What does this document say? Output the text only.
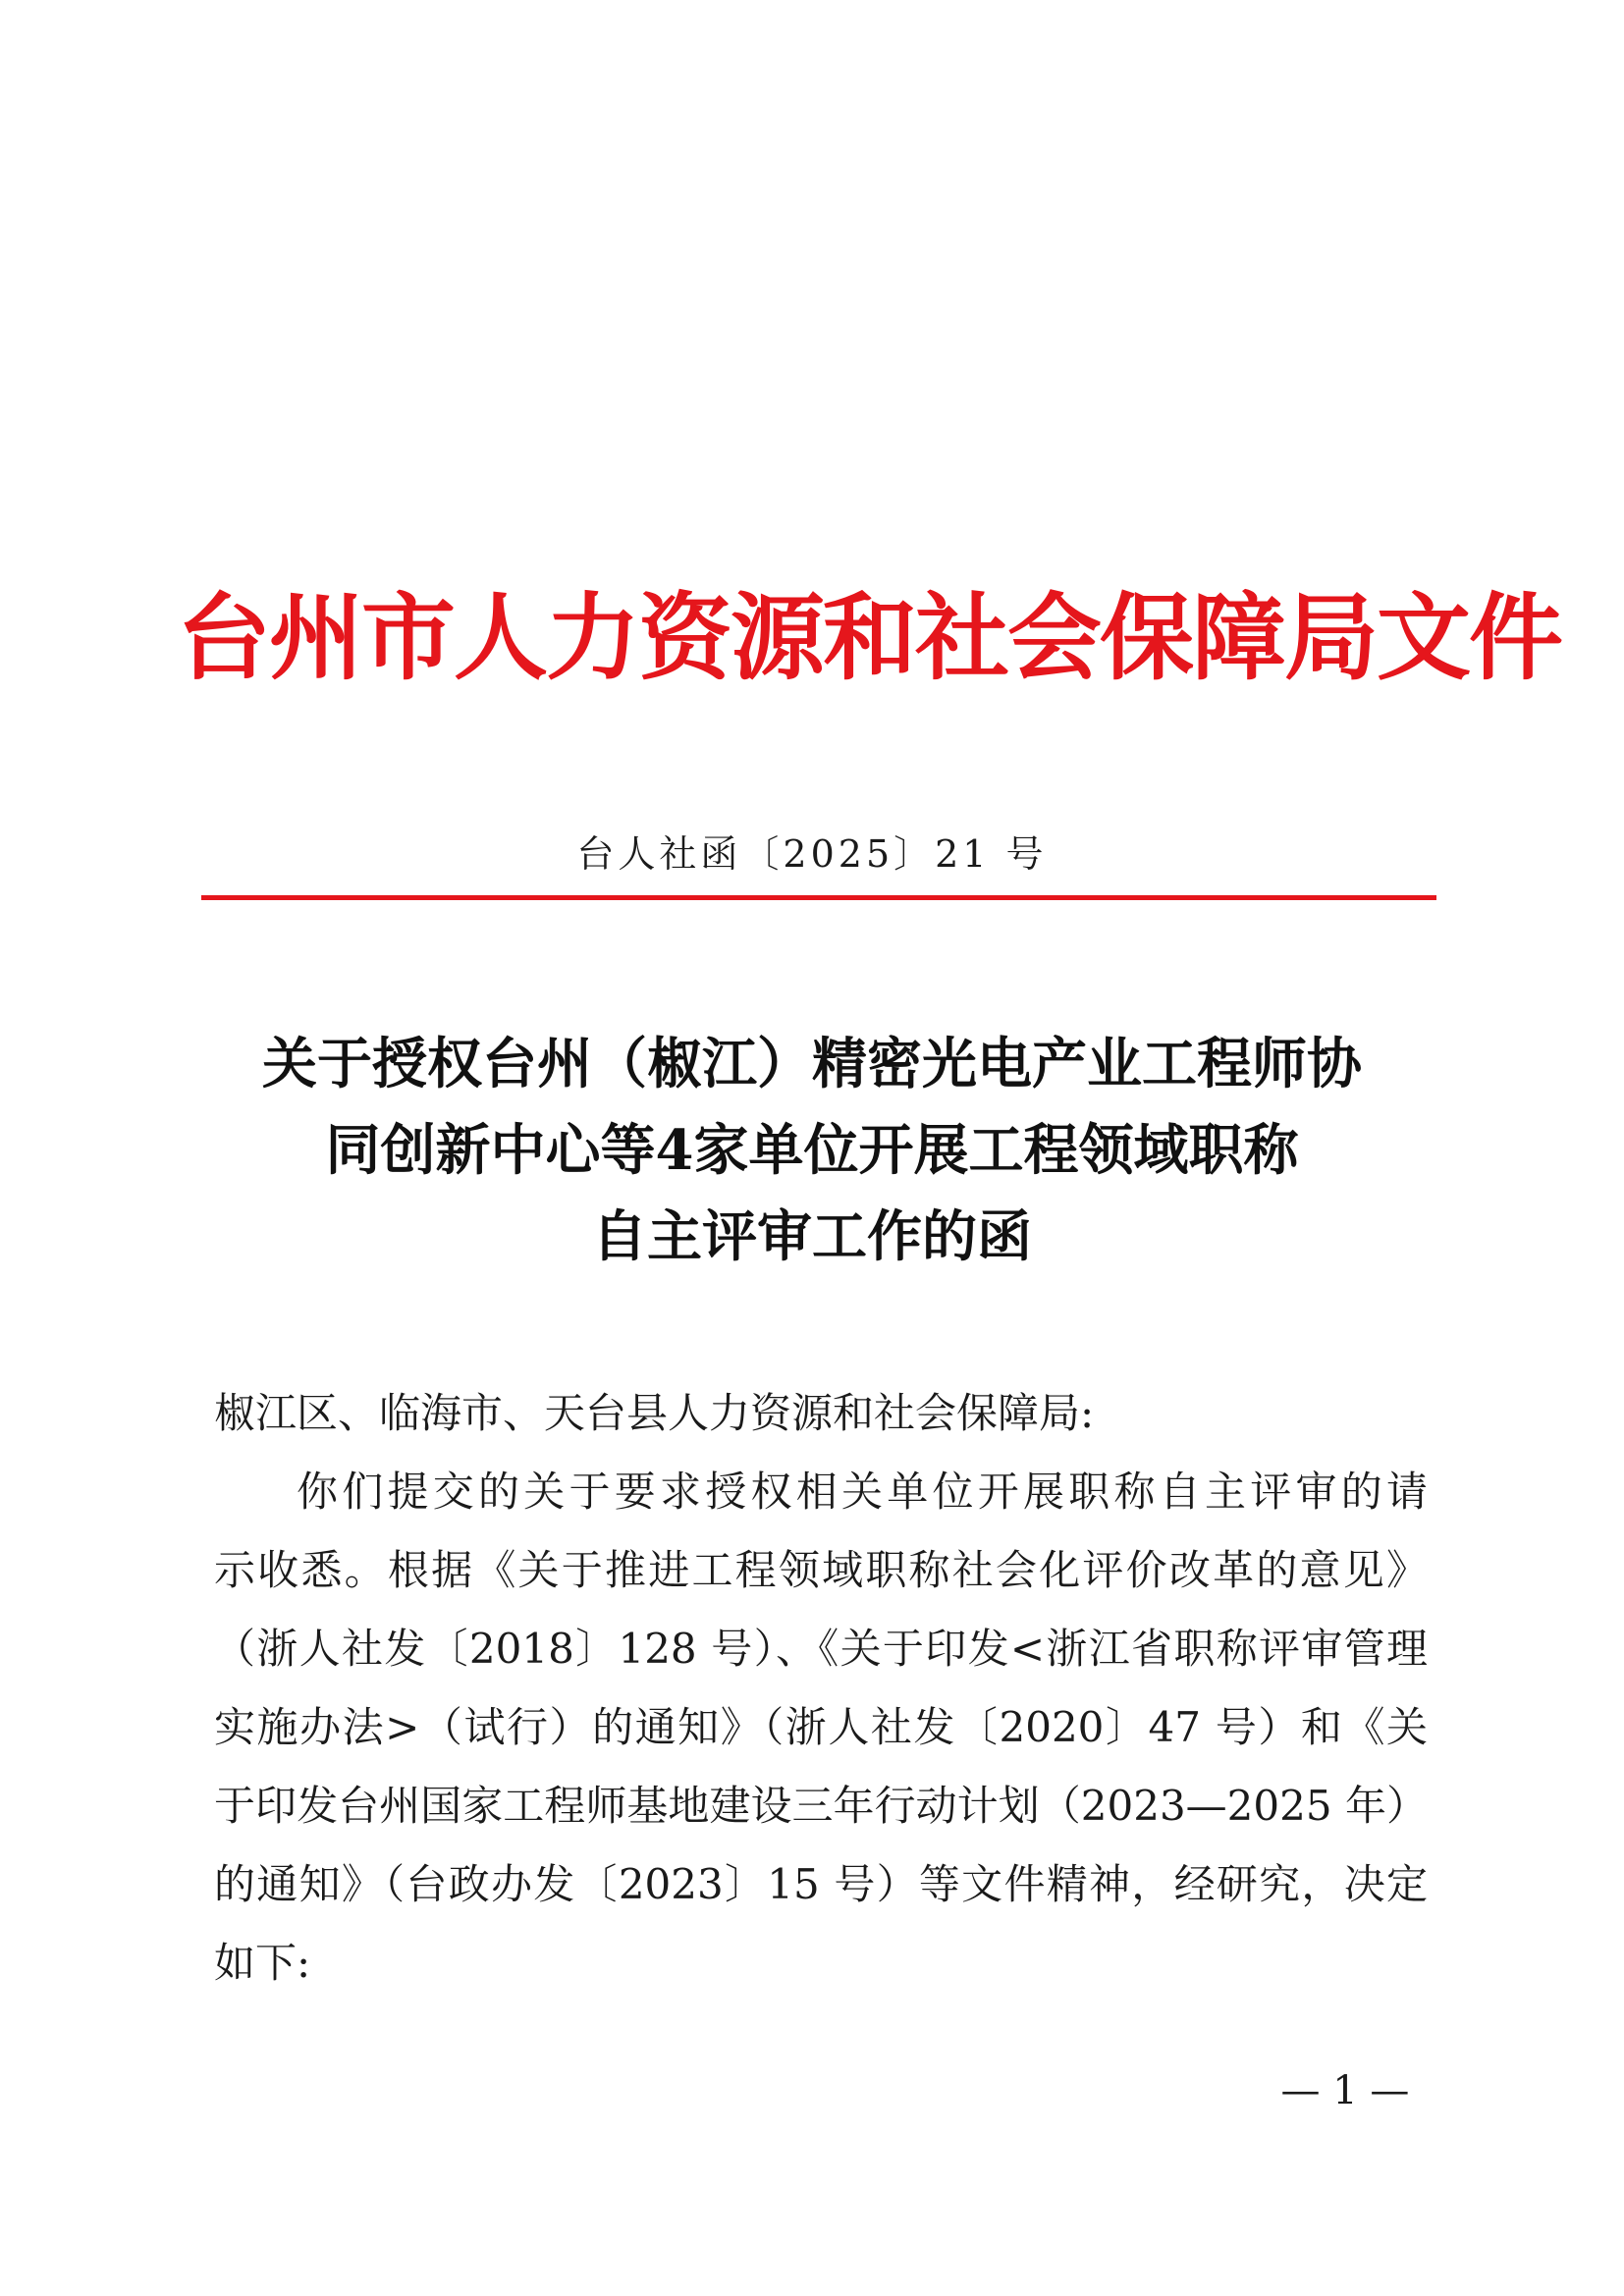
台州市人力资源和社会保障局文件
台人社函〔2025〕21 号
关于授权台州（椒江）精密光电产业工程师协
同创新中心等4家单位开展工程领域职称
自主评审工作的函
椒江区、临海市、天台县人力资源和社会保障局:
你们提交的关于要求授权相关单位开展职称自主评审的请
示收悉。根据《关于推进工程领域职称社会化评价改革的意见》
（浙人社发〔2018〕128 号）、《关于印发<浙江省职称评审管理
实施办法>（试行）的通知》（浙人社发〔2020〕47 号）和《关
于印发台州国家工程师基地建设三年行动计划（2023—2025 年）
的通知》（台政办发〔2023〕15 号）等文件精神，经研究，决定
如下:
— 1 —
